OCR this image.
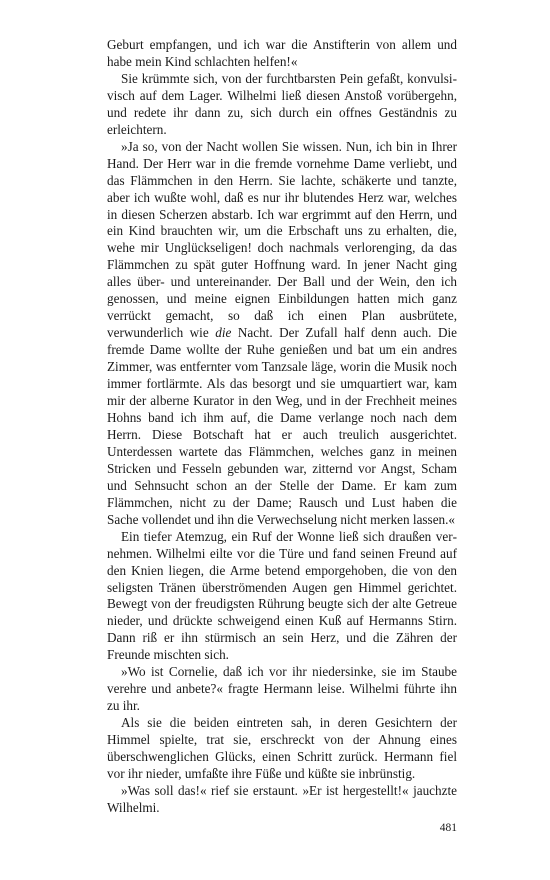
Geburt empfangen, und ich war die Anstifterin von allem und habe mein Kind schlachten helfen!«

Sie krümmte sich, von der furchtbarsten Pein gefaßt, konvulsivisch auf dem Lager. Wilhelmi ließ diesen Anstoß vorübergehn, und redete ihr dann zu, sich durch ein offnes Geständnis zu erleichtern.

»Ja so, von der Nacht wollen Sie wissen. Nun, ich bin in Ihrer Hand. Der Herr war in die fremde vornehme Dame verliebt, und das Flämmchen in den Herrn. Sie lachte, schäkerte und tanzte, aber ich wußte wohl, daß es nur ihr blutendes Herz war, welches in diesen Scherzen abstarb. Ich war ergrimmt auf den Herrn, und ein Kind brauchten wir, um die Erbschaft uns zu erhalten, die, wehe mir Unglückseligen! doch nachmals verlorenging, da das Flämmchen zu spät guter Hoffnung ward. In jener Nacht ging alles über- und untereinander. Der Ball und der Wein, den ich genossen, und meine eignen Einbildungen hatten mich ganz verrückt gemacht, so daß ich einen Plan ausbrütete, verwunderlich wie die Nacht. Der Zufall half denn auch. Die fremde Dame wollte der Ruhe genießen und bat um ein andres Zimmer, was entfernter vom Tanzsale läge, worin die Musik noch immer fortlärmte. Als das besorgt und sie umquartiert war, kam mir der alberne Kurator in den Weg, und in der Frechheit meines Hohns band ich ihm auf, die Dame verlange noch nach dem Herrn. Diese Botschaft hat er auch treulich ausgerichtet. Unterdessen wartete das Flämmchen, welches ganz in meinen Stricken und Fesseln gebunden war, zitternd vor Angst, Scham und Sehnsucht schon an der Stelle der Dame. Er kam zum Flämmchen, nicht zu der Dame; Rausch und Lust haben die Sache vollendet und ihn die Verwechselung nicht merken lassen.«

Ein tiefer Atemzug, ein Ruf der Wonne ließ sich draußen vernehmen. Wilhelmi eilte vor die Türe und fand seinen Freund auf den Knien liegen, die Arme betend emporgehoben, die von den seligsten Tränen überströmenden Augen gen Himmel gerichtet. Bewegt von der freudigsten Rührung beugte sich der alte Getreue nieder, und drückte schweigend einen Kuß auf Hermanns Stirn. Dann riß er ihn stürmisch an sein Herz, und die Zähren der Freunde mischten sich.

»Wo ist Cornelie, daß ich vor ihr niedersinke, sie im Staube verehre und anbete?« fragte Hermann leise. Wilhelmi führte ihn zu ihr.

Als sie die beiden eintreten sah, in deren Gesichtern der Himmel spielte, trat sie, erschreckt von der Ahnung eines überschwenglichen Glücks, einen Schritt zurück. Hermann fiel vor ihr nieder, umfaßte ihre Füße und küßte sie inbrünstig.

»Was soll das!« rief sie erstaunt. »Er ist hergestellt!« jauchzte Wilhelmi.

481
